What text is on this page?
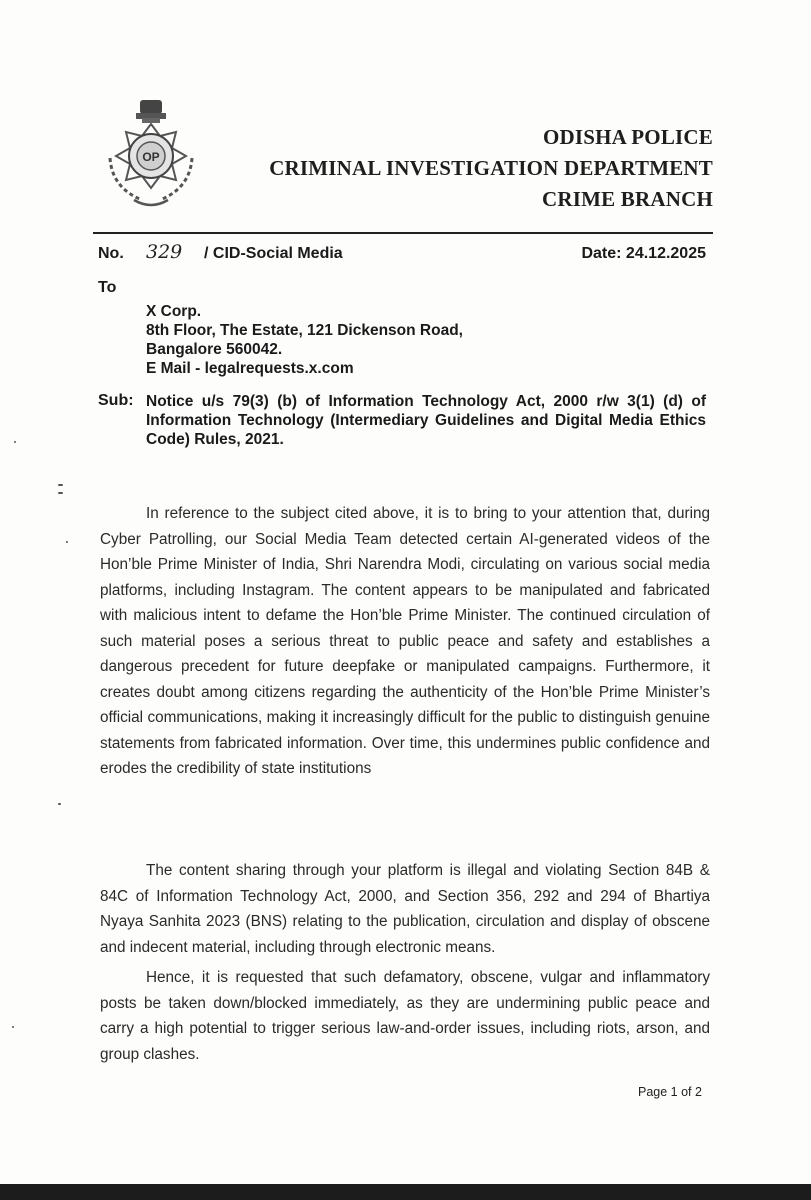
OP
ODISHA POLICE
CRIMINAL INVESTIGATION DEPARTMENT
CRIME BRANCH
No. 329 / CID-Social Media	Date: 24.12.2025
To
X Corp.
8th Floor, The Estate, 121 Dickenson Road,
Bangalore 560042.
E Mail - legalrequests.x.com
Sub: Notice u/s 79(3) (b) of Information Technology Act, 2000 r/w 3(1) (d) of Information Technology (Intermediary Guidelines and Digital Media Ethics Code) Rules, 2021.
In reference to the subject cited above, it is to bring to your attention that, during Cyber Patrolling, our Social Media Team detected certain AI-generated videos of the Hon’ble Prime Minister of India, Shri Narendra Modi, circulating on various social media platforms, including Instagram. The content appears to be manipulated and fabricated with malicious intent to defame the Hon’ble Prime Minister. The continued circulation of such material poses a serious threat to public peace and safety and establishes a dangerous precedent for future deepfake or manipulated campaigns. Furthermore, it creates doubt among citizens regarding the authenticity of the Hon’ble Prime Minister’s official communications, making it increasingly difficult for the public to distinguish genuine statements from fabricated information. Over time, this undermines public confidence and erodes the credibility of state institutions
The content sharing through your platform is illegal and violating Section 84B & 84C of Information Technology Act, 2000, and Section 356, 292 and 294 of Bhartiya Nyaya Sanhita 2023 (BNS) relating to the publication, circulation and display of obscene and indecent material, including through electronic means.
Hence, it is requested that such defamatory, obscene, vulgar and inflammatory posts be taken down/blocked immediately, as they are undermining public peace and carry a high potential to trigger serious law-and-order issues, including riots, arson, and group clashes.
Page 1 of 2
